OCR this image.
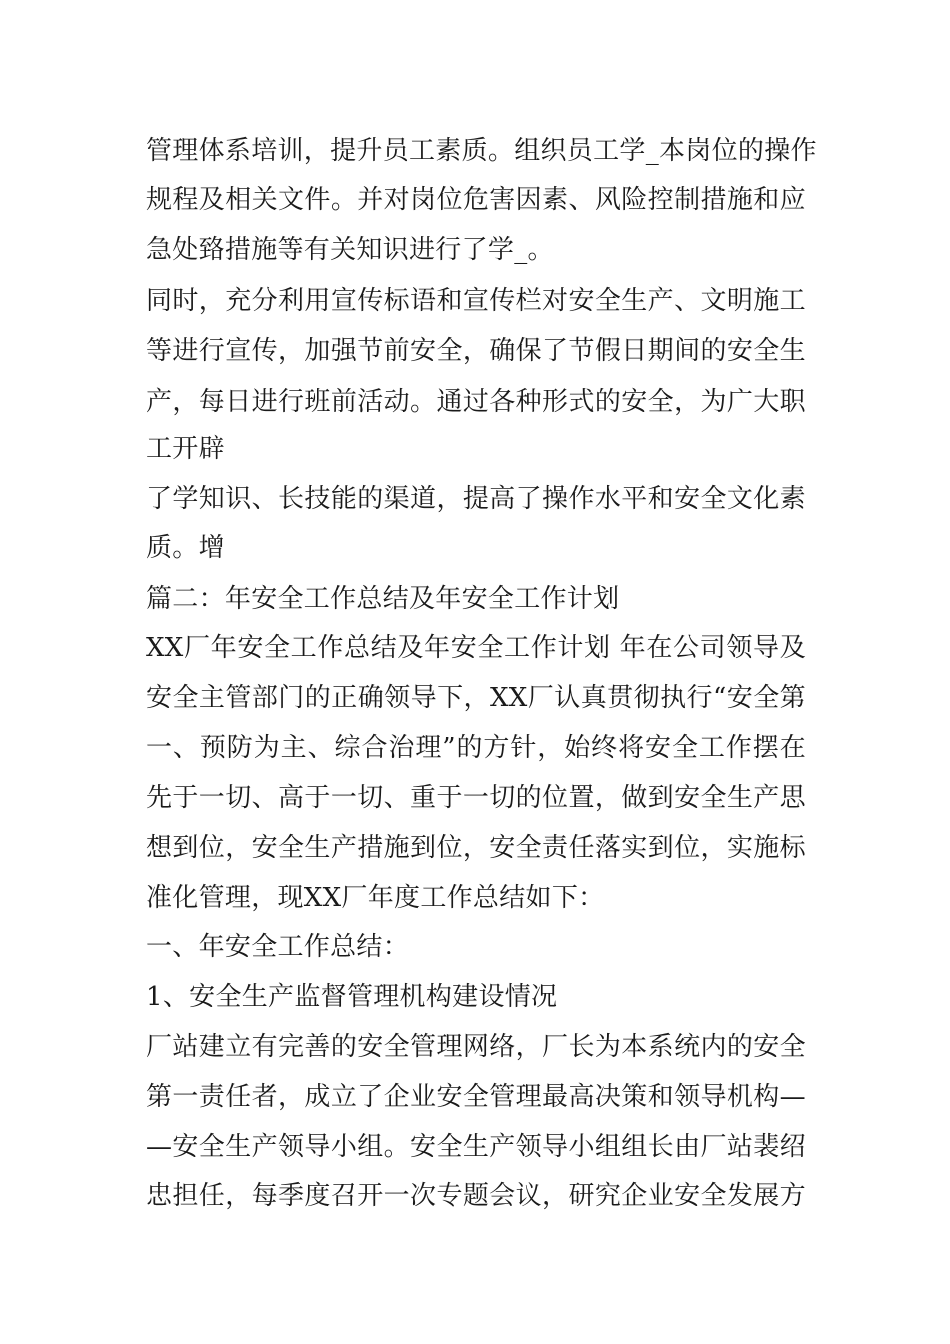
管理体系培训，提升员工素质。组织员工学_本岗位的操作
规程及相关文件。并对岗位危害因素、风险控制措施和应
急处臵措施等有关知识进行了学_。
同时，充分利用宣传标语和宣传栏对安全生产、文明施工
等进行宣传，加强节前安全，确保了节假日期间的安全生
产，每日进行班前活动。通过各种形式的安全，为广大职
工开辟
了学知识、长技能的渠道，提高了操作水平和安全文化素
质。增
篇二：年安全工作总结及年安全工作计划
XX厂年安全工作总结及年安全工作计划 年在公司领导及
安全主管部门的正确领导下，XX厂认真贯彻执行“安全第
一、预防为主、综合治理”的方针，始终将安全工作摆在
先于一切、高于一切、重于一切的位置，做到安全生产思
想到位，安全生产措施到位，安全责任落实到位，实施标
准化管理，现XX厂年度工作总结如下：
一、年安全工作总结：
1、安全生产监督管理机构建设情况
厂站建立有完善的安全管理网络，厂长为本系统内的安全
第一责任者，成立了企业安全管理最高决策和领导机构—
—安全生产领导小组。安全生产领导小组组长由厂站裴绍
忠担任，每季度召开一次专题会议，研究企业安全发展方
